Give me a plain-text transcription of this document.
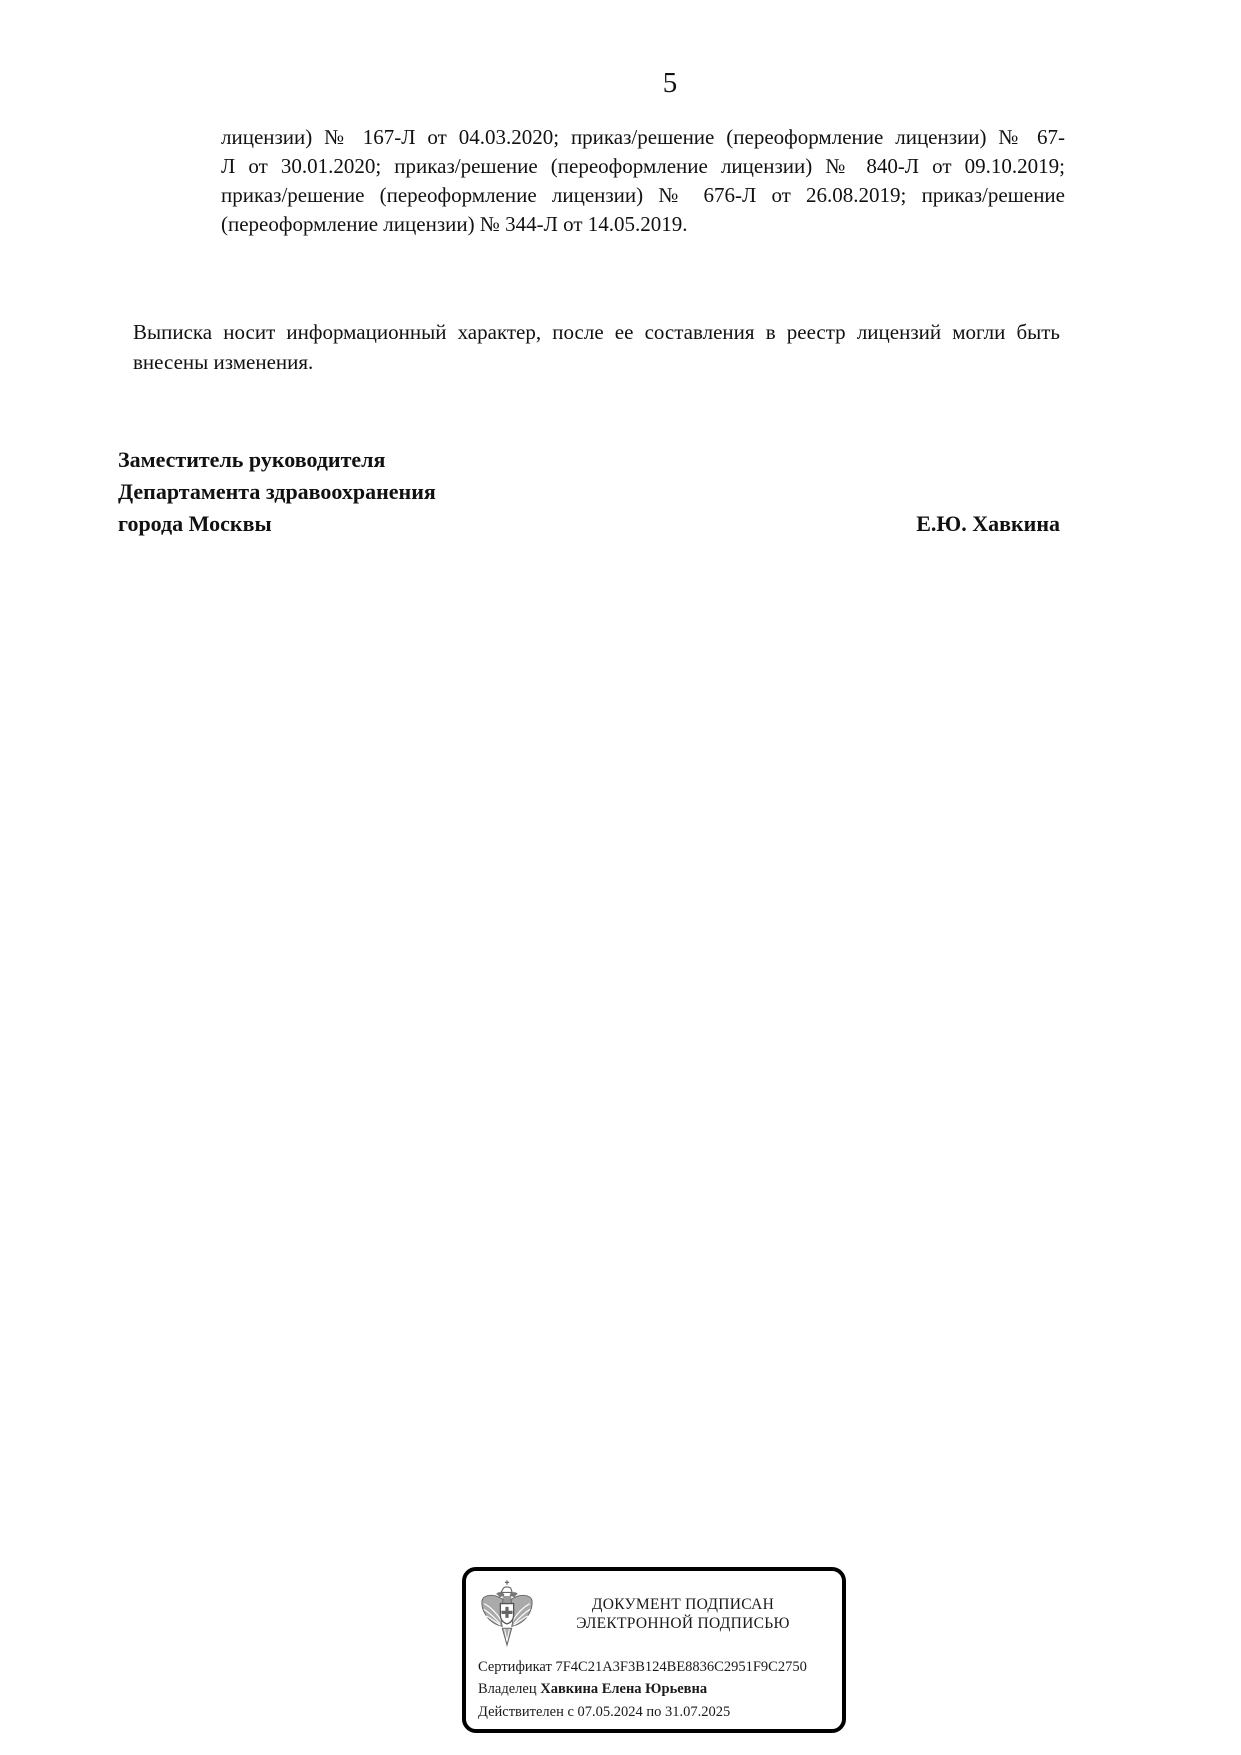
5
лицензии) № 167-Л от 04.03.2020; приказ/решение (переоформление лицензии) № 67-
Л от 30.01.2020; приказ/решение (переоформление лицензии) № 840-Л от 09.10.2019;
приказ/решение (переоформление лицензии) № 676-Л от 26.08.2019; приказ/решение
(переоформление лицензии) № 344-Л от 14.05.2019.
Выписка носит информационный характер, после ее составления в реестр лицензий могли быть
внесены изменения.
Заместитель руководителя
Департамента здравоохранения
города Москвы	Е.Ю. Хавкина
ДОКУМЕНТ ПОДПИСАН
ЭЛЕКТРОННОЙ ПОДПИСЬЮ
Сертификат 7F4C21A3F3B124BE8836C2951F9C2750
Владелец Хавкина Елена Юрьевна
Действителен с 07.05.2024 по 31.07.2025
